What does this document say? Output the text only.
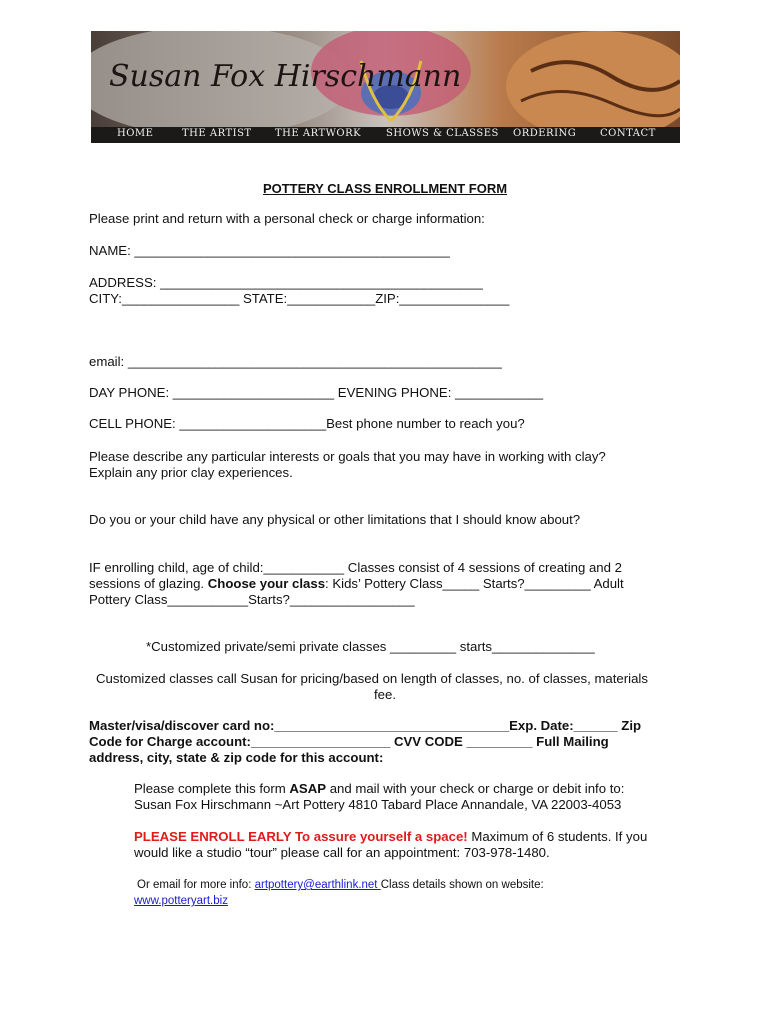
Susan Fox Hirschmann
HOME	THE ARTIST THE ARTWORK SHOWS & CLASSES ORDERING CONTACT
POTTERY CLASS ENROLLMENT FORM
Please print and return with a personal check or charge information:
NAME: ___________________________________________
ADDRESS: ____________________________________________
CITY:________________ STATE:____________ZIP:_______________
email: ___________________________________________________
DAY PHONE: ______________________ EVENING PHONE: ____________
CELL PHONE: ____________________Best phone number to reach you?
Please describe any particular interests or goals that you may have in working with clay?
Explain any prior clay experiences.
Do you or your child have any physical or other limitations that I should know about?
IF enrolling child, age of child:___________ Classes consist of 4 sessions of creating and 2
sessions of glazing. Choose your class: Kids’ Pottery Class_____ Starts?_________ Adult
Pottery Class___________Starts?_________________
*Customized private/semi private classes _________ starts______________
Customized classes call Susan for pricing/based on length of classes, no. of classes, materials
fee.
Master/visa/discover card no:________________________________Exp. Date:______ Zip
Code for Charge account:___________________ CVV CODE _________ Full Mailing
address, city, state & zip code for this account:
Please complete this form ASAP and mail with your check or charge or debit info to:
Susan Fox Hirschmann ~Art Pottery 4810 Tabard Place Annandale, VA 22003-4053
PLEASE ENROLL EARLY To assure yourself a space! Maximum of 6 students. If you
would like a studio “tour” please call for an appointment: 703-978-1480.
Or email for more info: artpottery@earthlink.net Class details shown on website:
www.potteryart.biz
